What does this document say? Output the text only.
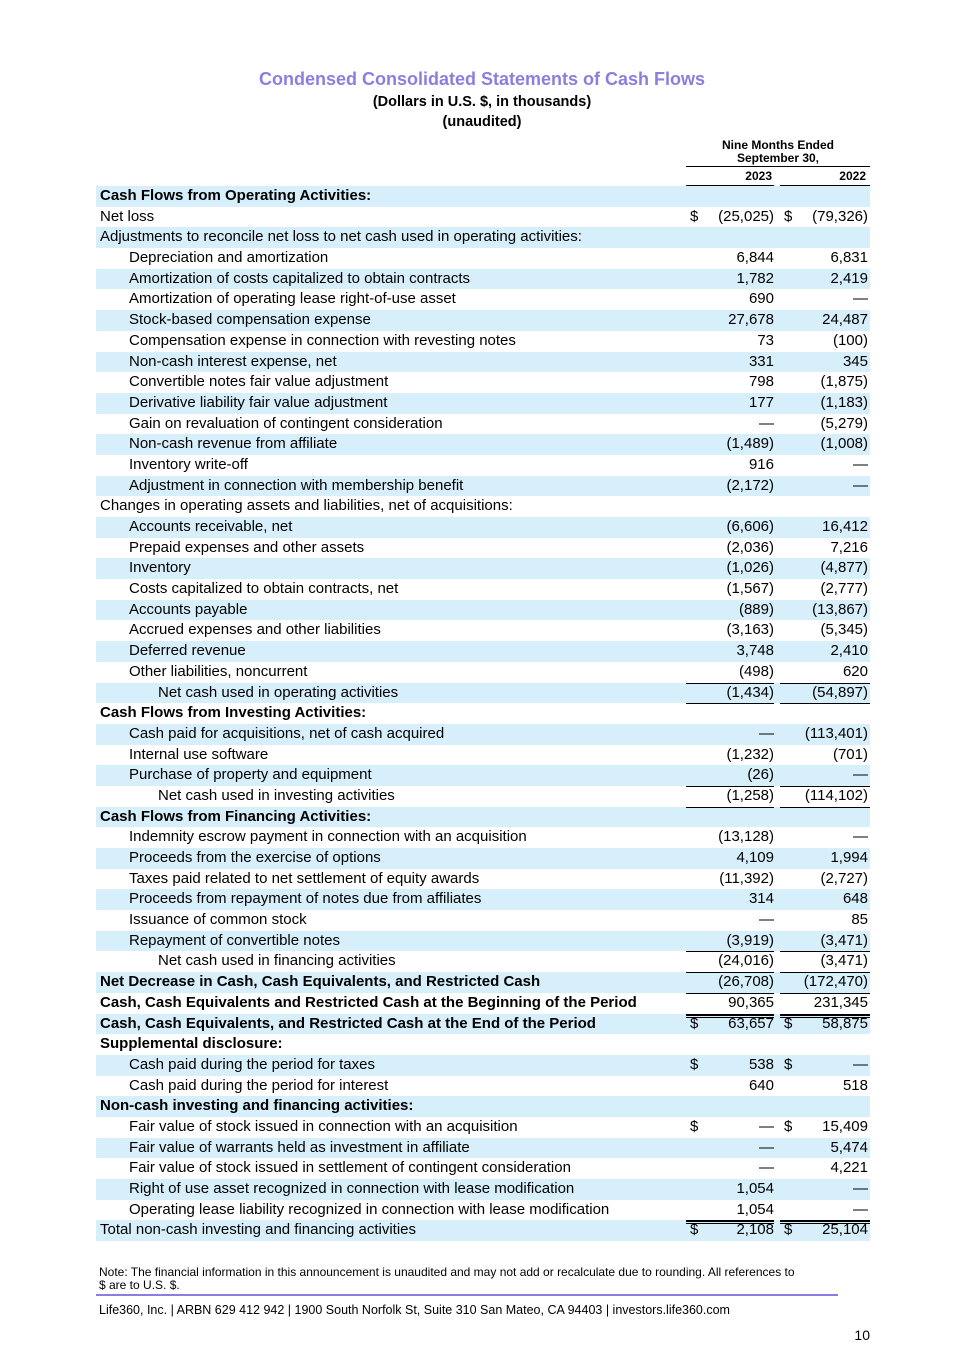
Condensed Consolidated Statements of Cash Flows
(Dollars in U.S. $, in thousands)
(unaudited)
Nine Months Ended
September 30,
2023	2022
Cash Flows from Operating Activities:
Net loss	$	(25,025) $	(79,326)
Adjustments to reconcile net loss to net cash used in operating activities:
Depreciation and amortization	6,844	6,831
Amortization of costs capitalized to obtain contracts	1,782	2,419
Amortization of operating lease right-of-use asset	690	—
Stock-based compensation expense	27,678	24,487
Compensation expense in connection with revesting notes	73	(100)
Non-cash interest expense, net	331	345
Convertible notes fair value adjustment	798	(1,875)
Derivative liability fair value adjustment	177	(1,183)
Gain on revaluation of contingent consideration	—	(5,279)
Non-cash revenue from affiliate	(1,489)	(1,008)
Inventory write-off	916	—
Adjustment in connection with membership benefit	(2,172)	—
Changes in operating assets and liabilities, net of acquisitions:
Accounts receivable, net	(6,606)	16,412
Prepaid expenses and other assets	(2,036)	7,216
Inventory	(1,026)	(4,877)
Costs capitalized to obtain contracts, net	(1,567)	(2,777)
Accounts payable	(889)	(13,867)
Accrued expenses and other liabilities	(3,163)	(5,345)
Deferred revenue	3,748	2,410
Other liabilities, noncurrent	(498)	620
Net cash used in operating activities	(1,434)	(54,897)
Cash Flows from Investing Activities:
Cash paid for acquisitions, net of cash acquired	—	(113,401)
Internal use software	(1,232)	(701)
Purchase of property and equipment	(26)	—
Net cash used in investing activities	(1,258)	(114,102)
Cash Flows from Financing Activities:
Indemnity escrow payment in connection with an acquisition	(13,128)	—
Proceeds from the exercise of options	4,109	1,994
Taxes paid related to net settlement of equity awards	(11,392)	(2,727)
Proceeds from repayment of notes due from affiliates	314	648
Issuance of common stock	—	85
Repayment of convertible notes	(3,919)	(3,471)
Net cash used in financing activities	(24,016)	(3,471)
Net Decrease in Cash, Cash Equivalents, and Restricted Cash	(26,708)	(172,470)
Cash, Cash Equivalents and Restricted Cash at the Beginning of the Period	90,365	231,345
Cash, Cash Equivalents, and Restricted Cash at the End of the Period	$	63,657 $	58,875
Supplemental disclosure:
Cash paid during the period for taxes	$	538 $	—
Cash paid during the period for interest	640	518
Non-cash investing and financing activities:
Fair value of stock issued in connection with an acquisition	$	— $	15,409
Fair value of warrants held as investment in affiliate	—	5,474
Fair value of stock issued in settlement of contingent consideration	—	4,221
Right of use asset recognized in connection with lease modification	1,054	—
Operating lease liability recognized in connection with lease modification	1,054	—
Total non-cash investing and financing activities	$	2,108 $	25,104
Note: The financial information in this announcement is unaudited and may not add or recalculate due to rounding. All references to $ are to U.S. $.
Life360, Inc. | ARBN 629 412 942 | 1900 South Norfolk St, Suite 310 San Mateo, CA 94403 | investors.life360.com
10
